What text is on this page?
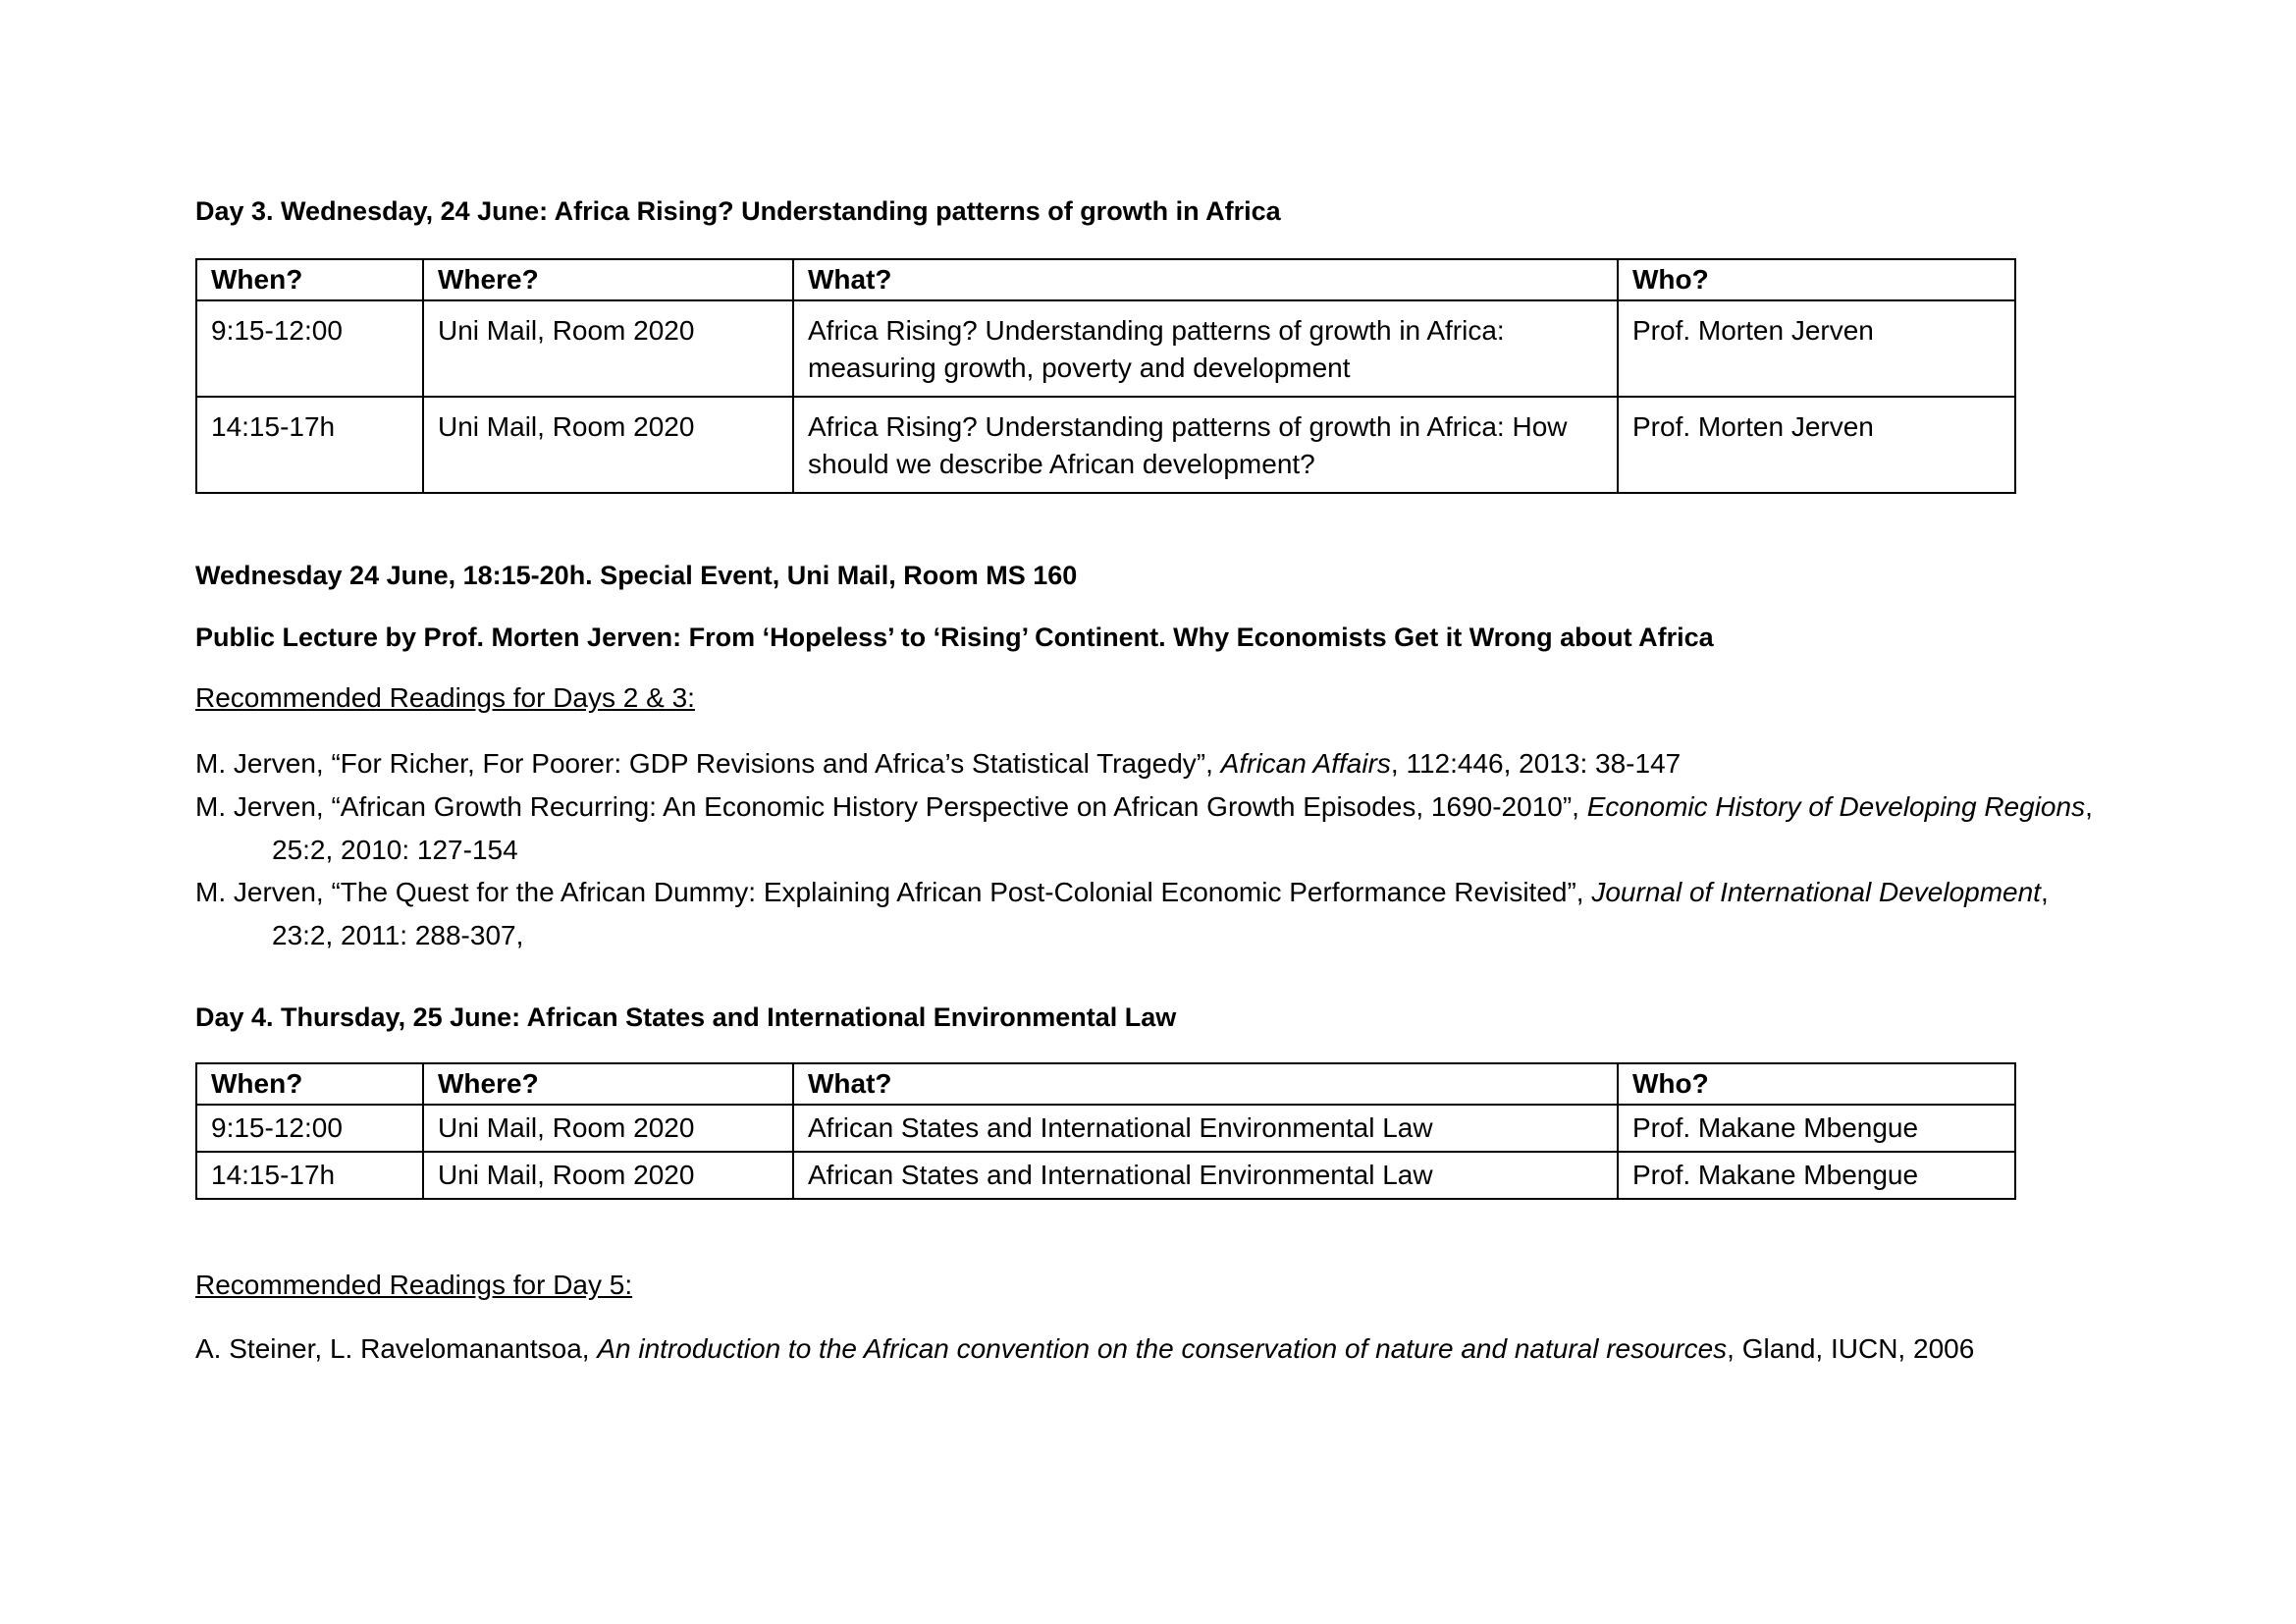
Day 3. Wednesday, 24 June: Africa Rising? Understanding patterns of growth in Africa
When?	Where?	What?	Who?
9:15-12:00	Uni Mail, Room 2020	Africa Rising? Understanding patterns of growth in Africa: measuring growth, poverty and development	Prof. Morten Jerven
14:15-17h	Uni Mail, Room 2020	Africa Rising? Understanding patterns of growth in Africa: How should we describe African development?	Prof. Morten Jerven
Wednesday 24 June, 18:15-20h. Special Event, Uni Mail, Room MS 160
Public Lecture by Prof. Morten Jerven: From ‘Hopeless’ to ‘Rising’ Continent. Why Economists Get it Wrong about Africa
Recommended Readings for Days 2 & 3:
M. Jerven, “For Richer, For Poorer: GDP Revisions and Africa’s Statistical Tragedy”, African Affairs, 112:446, 2013: 38-147
M. Jerven, “African Growth Recurring: An Economic History Perspective on African Growth Episodes, 1690-2010”, Economic History of Developing Regions,
25:2, 2010: 127-154
M. Jerven, “The Quest for the African Dummy: Explaining African Post-Colonial Economic Performance Revisited”, Journal of International Development,
23:2, 2011: 288-307,
Day 4. Thursday, 25 June: African States and International Environmental Law
When?	Where?	What?	Who?
9:15-12:00	Uni Mail, Room 2020	African States and International Environmental Law	Prof. Makane Mbengue
14:15-17h	Uni Mail, Room 2020	African States and International Environmental Law	Prof. Makane Mbengue
Recommended Readings for Day 5:
A. Steiner, L. Ravelomanantsoa, An introduction to the African convention on the conservation of nature and natural resources, Gland, IUCN, 2006
